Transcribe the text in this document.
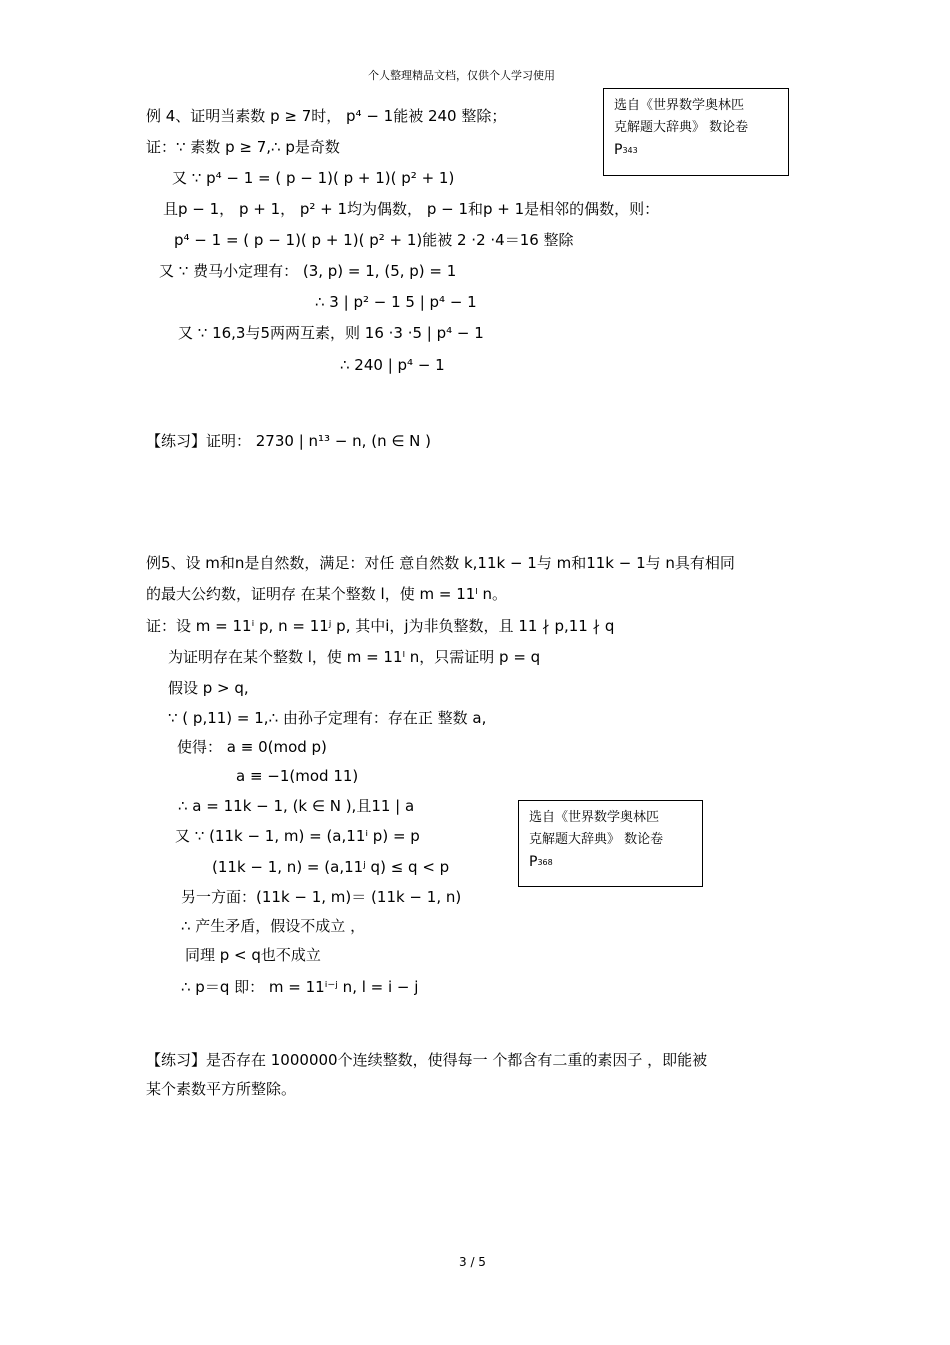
个人整理精品文档，仅供个人学习使用
选自《世界数学奥林匹
克解题大辞典》 数论卷
$P_{343}$
选自《世界数学奥林匹
克解题大辞典》 数论卷
$P_{368}$
例 4、证明当素数 p ≥ 7时， p⁴ − 1能被 240 整除；
证：∵ 素数 p ≥ 7,∴ p是奇数
又 ∵ p⁴ − 1 = ( p − 1)( p + 1)( p² + 1)
且p − 1， p + 1， p² + 1均为偶数， p − 1和p + 1是相邻的偶数，则：
p⁴ − 1 = ( p − 1)( p + 1)( p² + 1)能被 2 ·2 ·4＝16 整除
又 ∵ 费马小定理有： (3, p) = 1, (5, p) = 1
∴ 3 | p² − 1 5 | p⁴ − 1
又 ∵ 16,3与5两两互素，则 16 ·3 ·5 | p⁴ − 1
∴ 240 | p⁴ − 1
【练习】证明： 2730 | n¹³ − n, (n ∈ N )
例5、设 m和n是自然数，满足：对任 意自然数 k,11k − 1与 m和11k − 1与 n具有相同
的最大公约数，证明存 在某个整数 l，使 m = 11ˡ n。
证：设 m = 11ⁱ p, n = 11ʲ p, 其中i，j为非负整数，且 11 ∤ p,11 ∤ q
为证明存在某个整数 l，使 m = 11ˡ n，只需证明 p = q
假设 p > q,
∵ ( p,11) = 1,∴ 由孙子定理有：存在正 整数 a,
使得： a ≡ 0(mod p)
a ≡ −1(mod 11)
∴ a = 11k − 1, (k ∈ N ),且11 | a
又 ∵ (11k − 1, m) = (a,11ⁱ p) = p
(11k − 1, n) = (a,11ʲ q) ≤ q < p
另一方面：(11k − 1, m)＝ (11k − 1, n)
∴ 产生矛盾，假设不成立 ，
同理 p < q也不成立
∴ p＝q 即： m = 11ⁱ⁻ʲ n, l = i − j
【练习】是否存在 1000000个连续整数，使得每一 个都含有二重的素因子 ，即能被
某个素数平方所整除。
3 / 5
